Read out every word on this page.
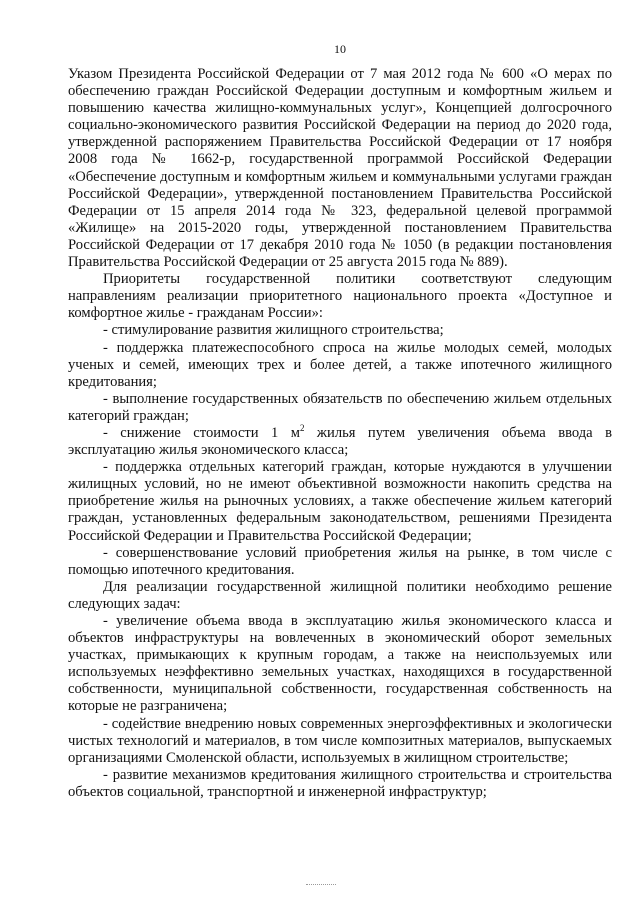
10

Указом Президента Российской Федерации от 7 мая 2012 года № 600 «О мерах по обеспечению граждан Российской Федерации доступным и комфортным жильем и повышению качества жилищно-коммунальных услуг», Концепцией долгосрочного социально-экономического развития Российской Федерации на период до 2020 года, утвержденной распоряжением Правительства Российской Федерации от 17 ноября 2008 года № 1662-р, государственной программой Российской Федерации «Обеспечение доступным и комфортным жильем и коммунальными услугами граждан Российской Федерации», утвержденной постановлением Правительства Российской Федерации от 15 апреля 2014 года № 323, федеральной целевой программой «Жилище» на 2015-2020 годы, утвержденной постановлением Правительства Российской Федерации от 17 декабря 2010 года № 1050 (в редакции постановления Правительства Российской Федерации от 25 августа 2015 года № 889).

Приоритеты государственной политики соответствуют следующим направлениям реализации приоритетного национального проекта «Доступное и комфортное жилье - гражданам России»:

- стимулирование развития жилищного строительства;

- поддержка платежеспособного спроса на жилье молодых семей, молодых ученых и семей, имеющих трех и более детей, а также ипотечного жилищного кредитования;

- выполнение государственных обязательств по обеспечению жильем отдельных категорий граждан;

- снижение стоимости 1 $м^2$ жилья путем увеличения объема ввода в эксплуатацию жилья экономического класса;

- поддержка отдельных категорий граждан, которые нуждаются в улучшении жилищных условий, но не имеют объективной возможности накопить средства на приобретение жилья на рыночных условиях, а также обеспечение жильем категорий граждан, установленных федеральным законодательством, решениями Президента Российской Федерации и Правительства Российской Федерации;

- совершенствование условий приобретения жилья на рынке, в том числе с помощью ипотечного кредитования.

Для реализации государственной жилищной политики необходимо решение следующих задач:

- увеличение объема ввода в эксплуатацию жилья экономического класса и объектов инфраструктуры на вовлеченных в экономический оборот земельных участках, примыкающих к крупным городам, а также на неиспользуемых или используемых неэффективно земельных участках, находящихся в государственной собственности, муниципальной собственности, государственная собственность на которые не разграничена;

- содействие внедрению новых современных энергоэффективных и экологически чистых технологий и материалов, в том числе композитных материалов, выпускаемых организациями Смоленской области, используемых в жилищном строительстве;

- развитие механизмов кредитования жилищного строительства и строительства объектов социальной, транспортной и инженерной инфраструктур;
